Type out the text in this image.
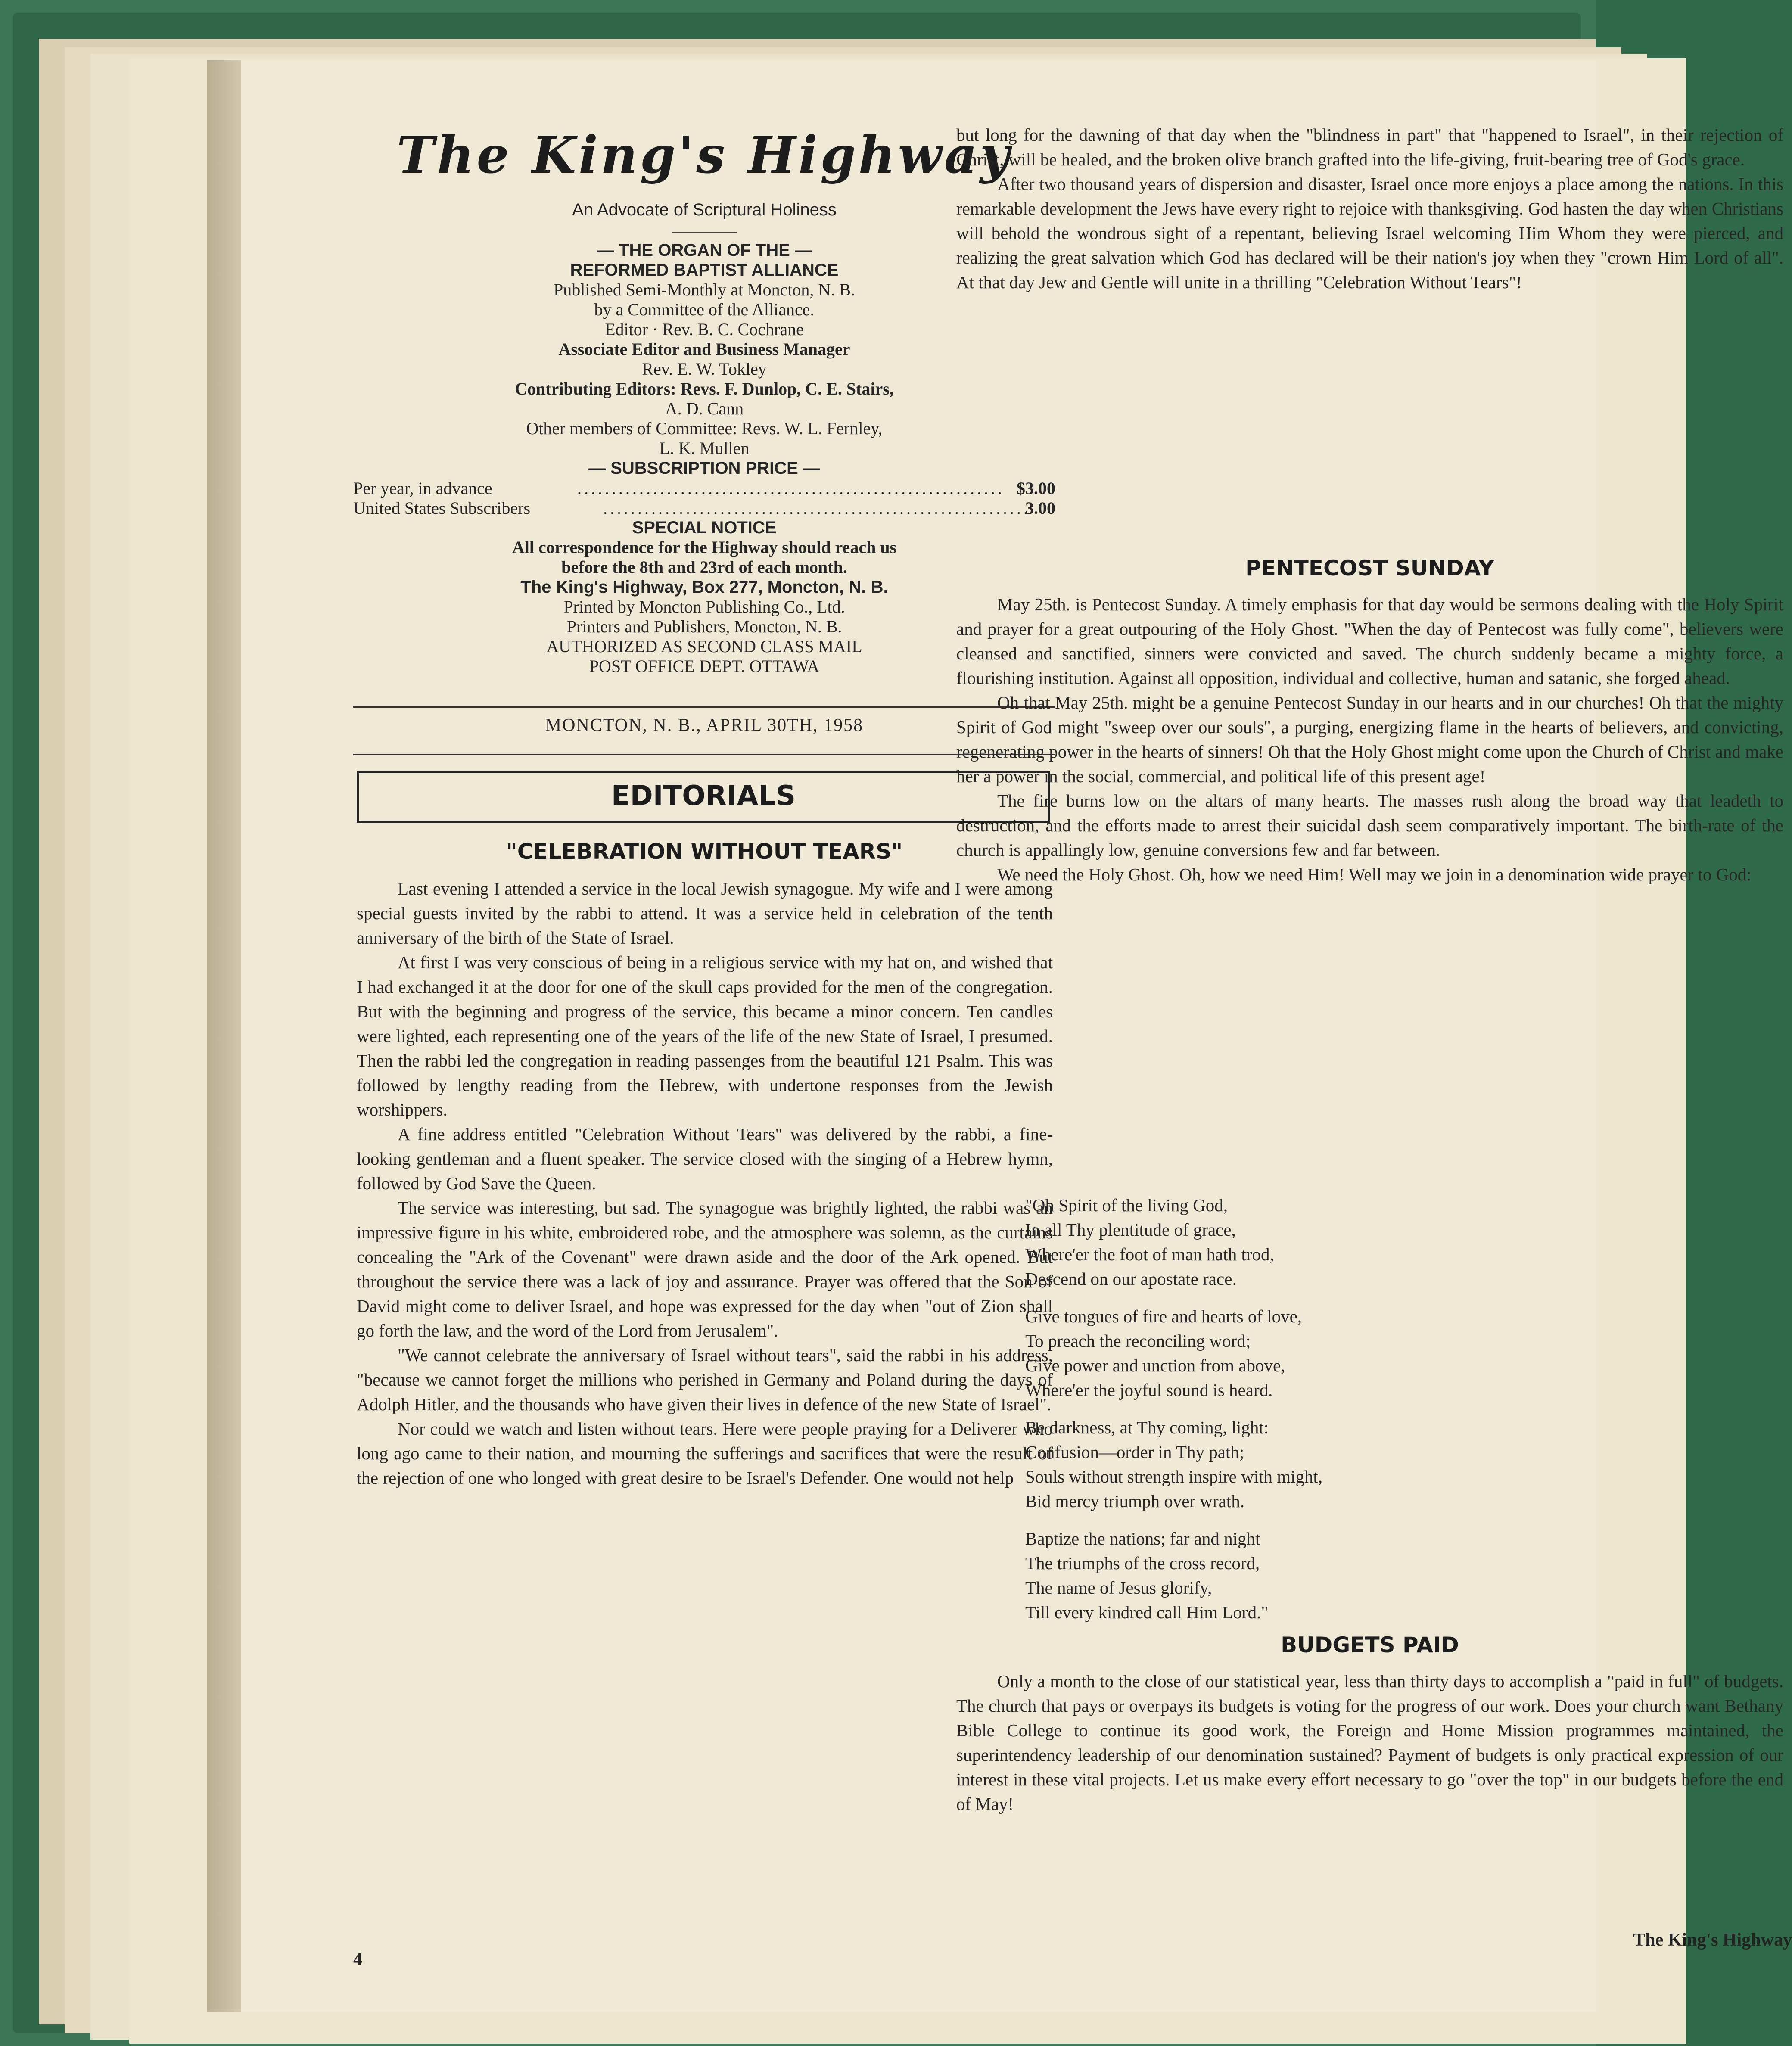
The King's Highway
An Advocate of Scriptural Holiness
— THE ORGAN OF THE —
REFORMED BAPTIST ALLIANCE
Published Semi-Monthly at Moncton, N. B.
by a Committee of the Alliance.
Editor · Rev. B. C. Cochrane
Associate Editor and Business Manager
Rev. E. W. Tokley
Contributing Editors: Revs. F. Dunlop, C. E. Stairs,
A. D. Cann
Other members of Committee: Revs. W. L. Fernley,
L. K. Mullen
— SUBSCRIPTION PRICE —
Per year, in advance	.............................................................. $3.00
United States Subscribers	..............................................................
3.00
SPECIAL NOTICE
All correspondence for the Highway should reach us
before the 8th and 23rd of each month.
The King's Highway, Box 277, Moncton, N. B.
Printed by Moncton Publishing Co., Ltd.
Printers and Publishers, Moncton, N. B.
AUTHORIZED AS SECOND CLASS MAIL
POST OFFICE DEPT. OTTAWA
MONCTON, N. B., APRIL 30TH, 1958
EDITORIALS
"CELEBRATION WITHOUT TEARS"

Last evening I attended a service in the local Jewish synagogue. My wife and I were among special guests invited by the rabbi to attend. It was a service held in celebration of the tenth anniversary of the birth of the State of Israel.

At first I was very conscious of being in a religious service with my hat on, and wished that I had exchanged it at the door for one of the skull caps provided for the men of the congregation. But with the beginning and progress of the service, this became a minor concern. Ten candles were lighted, each representing one of the years of the life of the new State of Israel, I presumed. Then the rabbi led the congregation in reading passenges from the beautiful 121 Psalm. This was followed by lengthy reading from the Hebrew, with undertone responses from the Jewish worshippers.

A fine address entitled "Celebration Without Tears" was delivered by the rabbi, a fine-looking gentleman and a fluent speaker. The service closed with the singing of a Hebrew hymn, followed by God Save the Queen.

The service was interesting, but sad. The synagogue was brightly lighted, the rabbi was an impressive figure in his white, embroidered robe, and the atmosphere was solemn, as the curtains concealing the "Ark of the Covenant" were drawn aside and the door of the Ark opened. But throughout the service there was a lack of joy and assurance. Prayer was offered that the Son of David might come to deliver Israel, and hope was expressed for the day when "out of Zion shall go forth the law, and the word of the Lord from Jerusalem".

"We cannot celebrate the anniversary of Israel without tears", said the rabbi in his address, "because we cannot forget the millions who perished in Germany and Poland during the days of Adolph Hitler, and the thousands who have given their lives in defence of the new State of Israel".

Nor could we watch and listen without tears. Here were people praying for a Deliverer who long ago came to their nation, and mourning the sufferings and sacrifices that were the result of the rejection of one who longed with great desire to be Israel's Defender. One would not help

but long for the dawning of that day when the "blindness in part" that "happened to Israel", in their rejection of Christ, will be healed, and the broken olive branch grafted into the life-giving, fruit-bearing tree of God's grace.

After two thousand years of dispersion and disaster, Israel once more enjoys a place among the nations. In this remarkable development the Jews have every right to rejoice with thanksgiving. God hasten the day when Christians will behold the wondrous sight of a repentant, believing Israel welcoming Him Whom they were pierced, and realizing the great salvation which God has declared will be their nation's joy when they "crown Him Lord of all". At that day Jew and Gentle will unite in a thrilling "Celebration Without Tears"!

PENTECOST SUNDAY

May 25th. is Pentecost Sunday. A timely emphasis for that day would be sermons dealing with the Holy Spirit and prayer for a great outpouring of the Holy Ghost. "When the day of Pentecost was fully come", believers were cleansed and sanctified, sinners were convicted and saved. The church suddenly became a mighty force, a flourishing institution. Against all opposition, individual and collective, human and satanic, she forged ahead.

Oh that May 25th. might be a genuine Pentecost Sunday in our hearts and in our churches! Oh that the mighty Spirit of God might "sweep over our souls", a purging, energizing flame in the hearts of believers, and convicting, regenerating power in the hearts of sinners! Oh that the Holy Ghost might come upon the Church of Christ and make her a power in the social, commercial, and political life of this present age!

The fire burns low on the altars of many hearts. The masses rush along the broad way that leadeth to destruction, and the efforts made to arrest their suicidal dash seem comparatively important. The birth-rate of the church is appallingly low, genuine conversions few and far between.

We need the Holy Ghost. Oh, how we need Him! Well may we join in a denomination wide prayer to God:

"Oh Spirit of the living God,
In all Thy plentitude of grace,
Where'er the foot of man hath trod,
Descend on our apostate race.
Give tongues of fire and hearts of love,
To preach the reconciling word;
Give power and unction from above,
Where'er the joyful sound is heard.
Be darkness, at Thy coming, light:
Confusion—order in Thy path;
Souls without strength inspire with might,
Bid mercy triumph over wrath.
Baptize the nations; far and night
The triumphs of the cross record,
The name of Jesus glorify,
Till every kindred call Him Lord."
BUDGETS PAID

Only a month to the close of our statistical year, less than thirty days to accomplish a "paid in full" of budgets. The church that pays or overpays its budgets is voting for the progress of our work. Does your church want Bethany Bible College to continue its good work, the Foreign and Home Mission programmes maintained, the superintendency leadership of our denomination sustained? Payment of budgets is only practical expression of our interest in these vital projects. Let us make every effort necessary to go "over the top" in our budgets before the end of May!

4
The King's Highway
